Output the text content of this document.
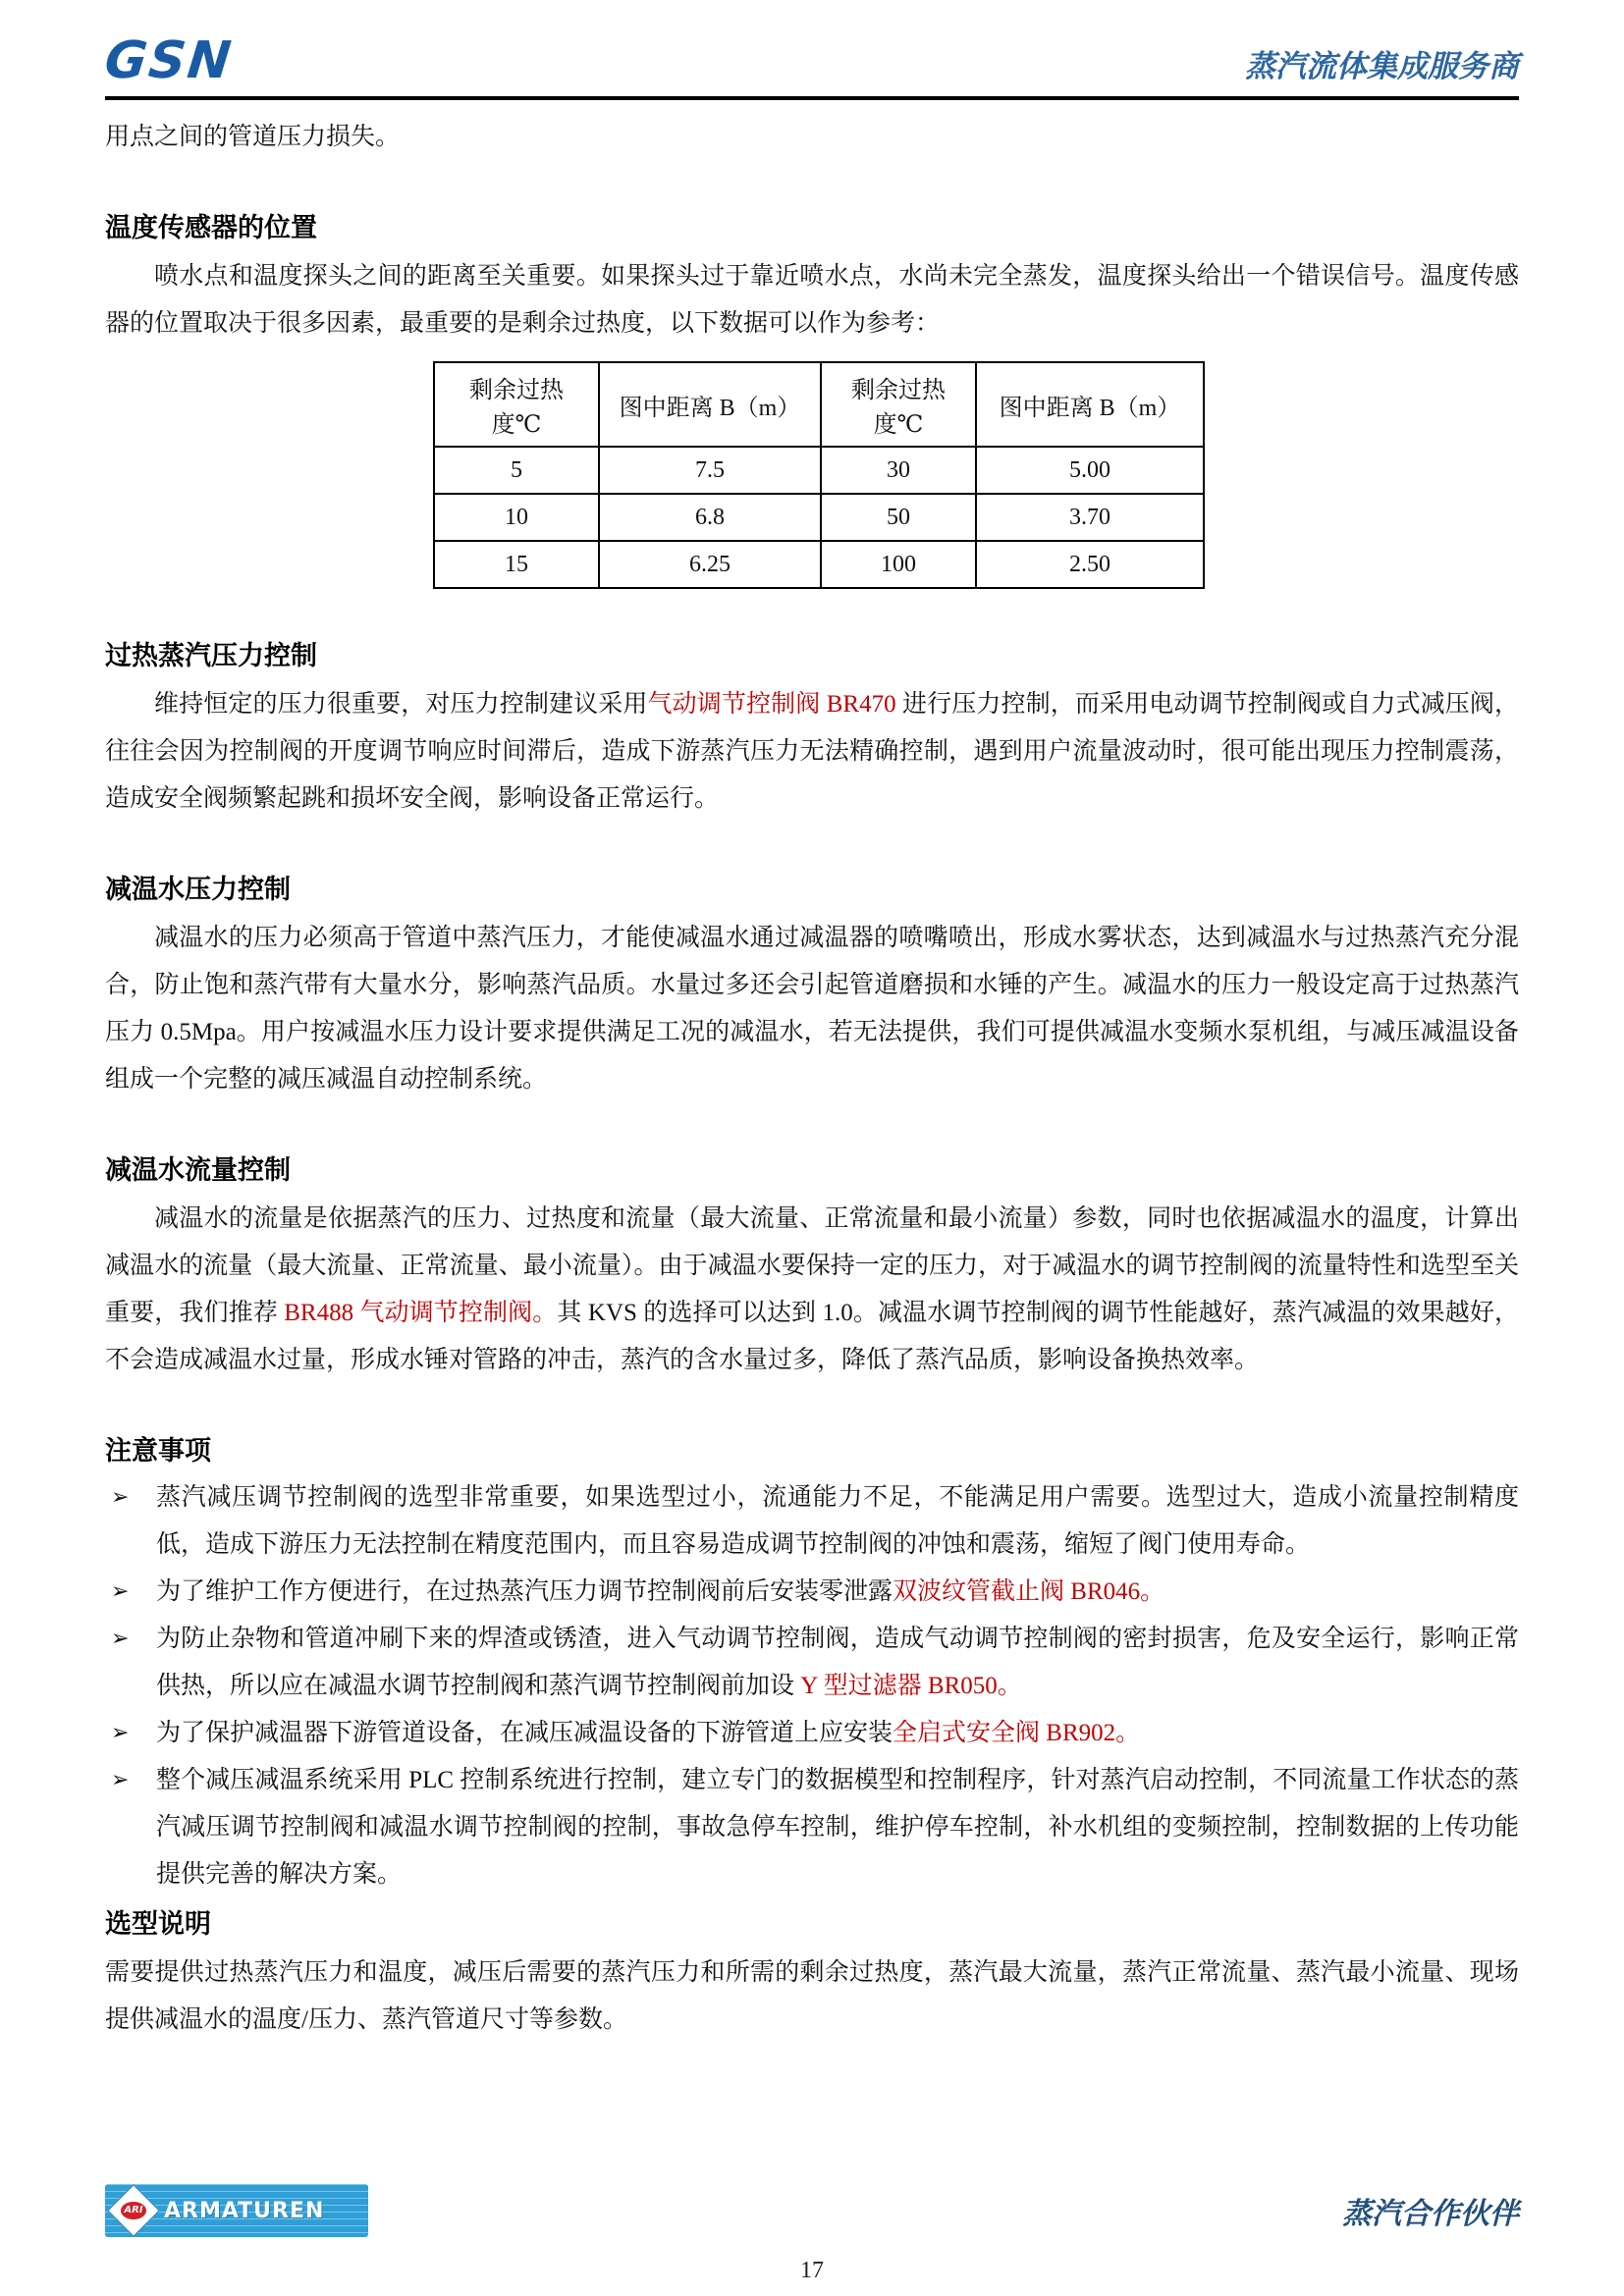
GSN	蒸汽流体集成服务商

用点之间的管道压力损失。

温度传感器的位置

喷水点和温度探头之间的距离至关重要。如果探头过于靠近喷水点，水尚未完全蒸发，温度探头给出一个错误信号。温度传感器的位置取决于很多因素，最重要的是剩余过热度，以下数据可以作为参考：

剩余过热度℃	图中距离 B（m）	剩余过热度℃	图中距离 B（m）
5	7.5	30	5.00
10	6.8	50	3.70
15	6.25	100	2.50
过热蒸汽压力控制

维持恒定的压力很重要，对压力控制建议采用气动调节控制阀 BR470 进行压力控制，而采用电动调节控制阀或自力式减压阀，往往会因为控制阀的开度调节响应时间滞后，造成下游蒸汽压力无法精确控制，遇到用户流量波动时，很可能出现压力控制震荡，造成安全阀频繁起跳和损坏安全阀，影响设备正常运行。

减温水压力控制

减温水的压力必须高于管道中蒸汽压力，才能使减温水通过减温器的喷嘴喷出，形成水雾状态，达到减温水与过热蒸汽充分混合，防止饱和蒸汽带有大量水分，影响蒸汽品质。水量过多还会引起管道磨损和水锤的产生。减温水的压力一般设定高于过热蒸汽压力 0.5Mpa。用户按减温水压力设计要求提供满足工况的减温水，若无法提供，我们可提供减温水变频水泵机组，与减压减温设备组成一个完整的减压减温自动控制系统。

减温水流量控制

减温水的流量是依据蒸汽的压力、过热度和流量（最大流量、正常流量和最小流量）参数，同时也依据减温水的温度，计算出减温水的流量（最大流量、正常流量、最小流量）。由于减温水要保持一定的压力，对于减温水的调节控制阀的流量特性和选型至关重要，我们推荐 BR488 气动调节控制阀。其 KVS 的选择可以达到 1.0。减温水调节控制阀的调节性能越好，蒸汽减温的效果越好，不会造成减温水过量，形成水锤对管路的冲击，蒸汽的含水量过多，降低了蒸汽品质，影响设备换热效率。

注意事项
➢	蒸汽减压调节控制阀的选型非常重要，如果选型过小，流通能力不足，不能满足用户需要。选型过大，造成小流量控制精度低，造成下游压力无法控制在精度范围内，而且容易造成调节控制阀的冲蚀和震荡，缩短了阀门使用寿命。
➢	为了维护工作方便进行，在过热蒸汽压力调节控制阀前后安装零泄露双波纹管截止阀 BR046。
➢	为防止杂物和管道冲刷下来的焊渣或锈渣，进入气动调节控制阀，造成气动调节控制阀的密封损害，危及安全运行，影响正常供热，所以应在减温水调节控制阀和蒸汽调节控制阀前加设 Y 型过滤器 BR050。
➢	为了保护减温器下游管道设备，在减压减温设备的下游管道上应安装全启式安全阀 BR902。
➢	整个减压减温系统采用 PLC 控制系统进行控制，建立专门的数据模型和控制程序，针对蒸汽启动控制，不同流量工作状态的蒸汽减压调节控制阀和减温水调节控制阀的控制，事故急停车控制，维护停车控制，补水机组的变频控制，控制数据的上传功能提供完善的解决方案。
选型说明

需要提供过热蒸汽压力和温度，减压后需要的蒸汽压力和所需的剩余过热度，蒸汽最大流量，蒸汽正常流量、蒸汽最小流量、现场提供减温水的温度/压力、蒸汽管道尺寸等参数。

ARI ARMATUREN	蒸汽合作伙伴
17
